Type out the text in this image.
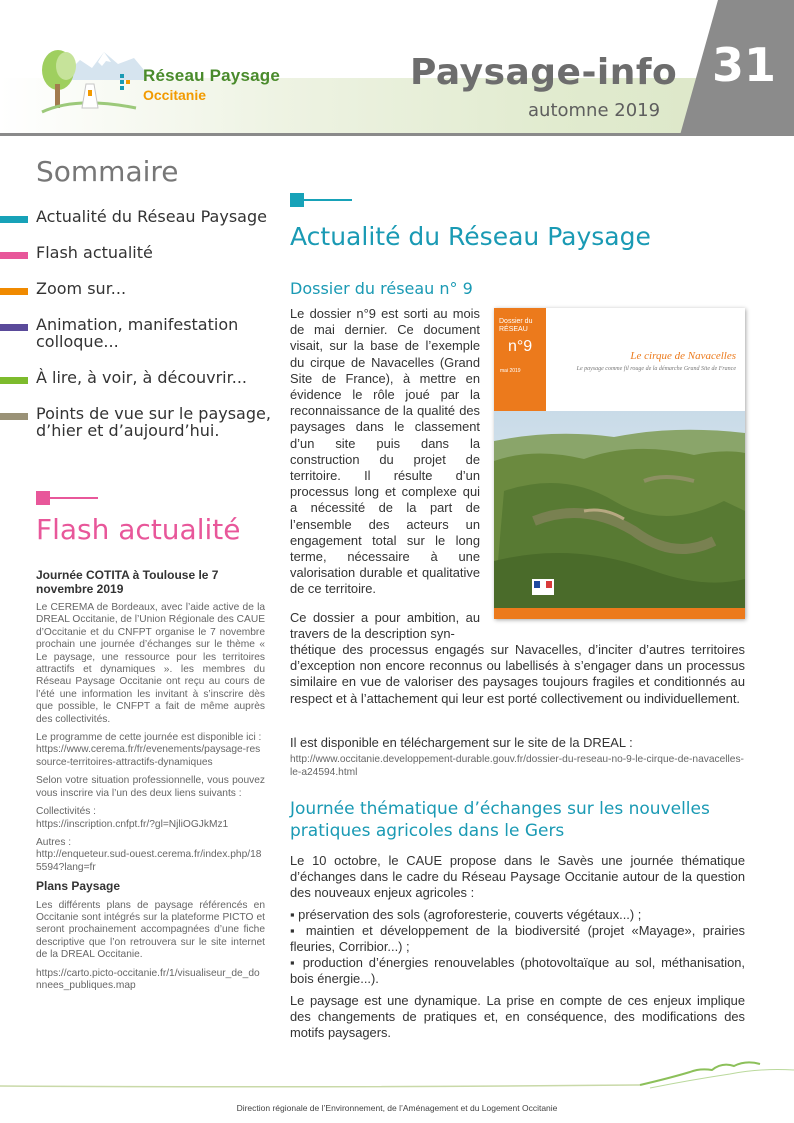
Réseau Paysage
Occitanie
Paysage-info
automne 2019
31
Sommaire
Actualité du Réseau Paysage
Flash actualité
Zoom sur...
Animation, manifestation colloque...
À lire, à voir, à découvrir...
Points de vue sur le paysage, d’hier et d’aujourd’hui.
Flash actualité
Journée COTITA à Toulouse le 7 novembre 2019

Le CEREMA de Bordeaux, avec l’aide active de la DREAL Occitanie, de l’Union Régionale des CAUE d’Occitanie et du CNFPT organise le 7 novembre prochain une journée d’échanges sur le thème « Le paysage, une ressource pour les territoires attractifs et dynamiques ». les membres du Réseau Paysage Occitanie ont reçu au cours de l’été une information les invitant à s’inscrire dès que possible, le CNFPT a fait de même auprès des collectivités.

Le programme de cette journée est disponible ici : https://www.cerema.fr/fr/evenements/paysage-ressource-territoires-attractifs-dynamiques

Selon votre situation professionnelle, vous pouvez vous inscrire via l’un des deux liens suivants :

Collectivités :
https://inscription.cnfpt.fr/?gl=NjliOGJkMz1

Autres :
http://enqueteur.sud-ouest.cerema.fr/index.php/185594?lang=fr

Plans Paysage

Les différents plans de paysage référencés en Occitanie sont intégrés sur la plateforme PICTO et seront prochainement accompagnées d’une fiche descriptive que l’on retrouvera sur le site internet de la DREAL Occitanie.

https://carto.picto-occitanie.fr/1/visualiseur_de_donnees_publiques.map

Actualité du Réseau Paysage
Dossier du réseau n° 9
Le dossier n°9 est sorti au mois de mai dernier. Ce document visait, sur la base de l’exemple du cirque de Navacelles (Grand Site de France), à mettre en évidence le rôle joué par la reconnaissance de la qualité des paysages dans le classement d’un site puis dans la construction du projet de territoire. Il résulte d’un processus long et complexe qui a nécessité de la part de l’ensemble des acteurs un engagement total sur le long terme, nécessaire à une valorisation durable et qualitative de ce territoire.
Dossier du RÉSEAU
n°9
mai 2019
Le cirque de Navacelles
Le paysage comme fil rouge de la démarche Grand Site de France
Ce dossier a pour ambition, au travers de la description syn-
thétique des processus engagés sur Navacelles, d’inciter d’autres territoires d’exception non encore reconnus ou labellisés à s’engager dans un processus similaire en vue de valoriser des paysages toujours fragiles et conditionnés au respect et à l’attachement qui leur est porté collectivement ou individuellement.
Il est disponible en téléchargement sur le site de la DREAL :
http://www.occitanie.developpement-durable.gouv.fr/dossier-du-reseau-no-9-le-cirque-de-navacelles-le-a24594.html
Journée thématique d’échanges sur les nouvelles pratiques agricoles dans le Gers

Le 10 octobre, le CAUE propose dans le Savès une journée thématique d’échanges dans le cadre du Réseau Paysage Occitanie autour de la question des nouveaux enjeux agricoles :

▪ préservation des sols (agroforesterie, couverts végétaux...) ;

▪ maintien et développement de la biodiversité (projet «Mayage», prairies fleuries, Corribior...) ;

▪ production d’énergies renouvelables (photovoltaïque au sol, méthanisation, bois énergie...).

Le paysage est une dynamique. La prise en compte de ces enjeux implique des changements de pratiques et, en conséquence, des modifications des motifs paysagers.

Direction régionale de l’Environnement, de l’Aménagement et du Logement Occitanie
